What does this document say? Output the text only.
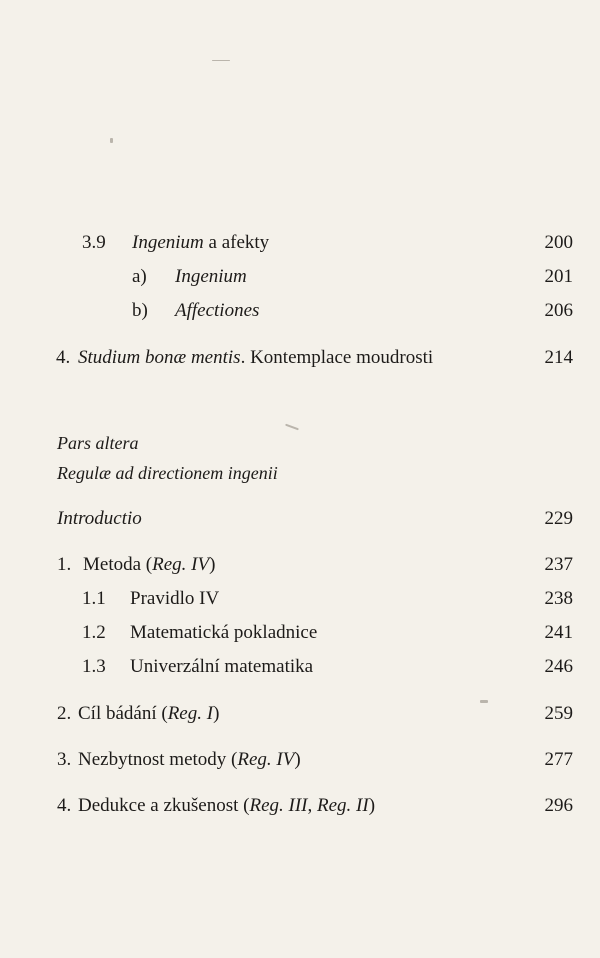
3.9 Ingenium a afekty	200
a) Ingenium	201
b) Affectiones	206
4. Studium bonæ mentis. Kontemplace moudrosti	214
Pars altera
Regulæ ad directionem ingenii
Introductio	229
1. Metoda (Reg. IV)	237
1.1 Pravidlo IV	238
1.2 Matematická pokladnice	241
1.3 Univerzální matematika	246
2. Cíl bádání (Reg. I)	259
3. Nezbytnost metody (Reg. IV)	277
4. Dedukce a zkušenost (Reg. III, Reg. II)	296
